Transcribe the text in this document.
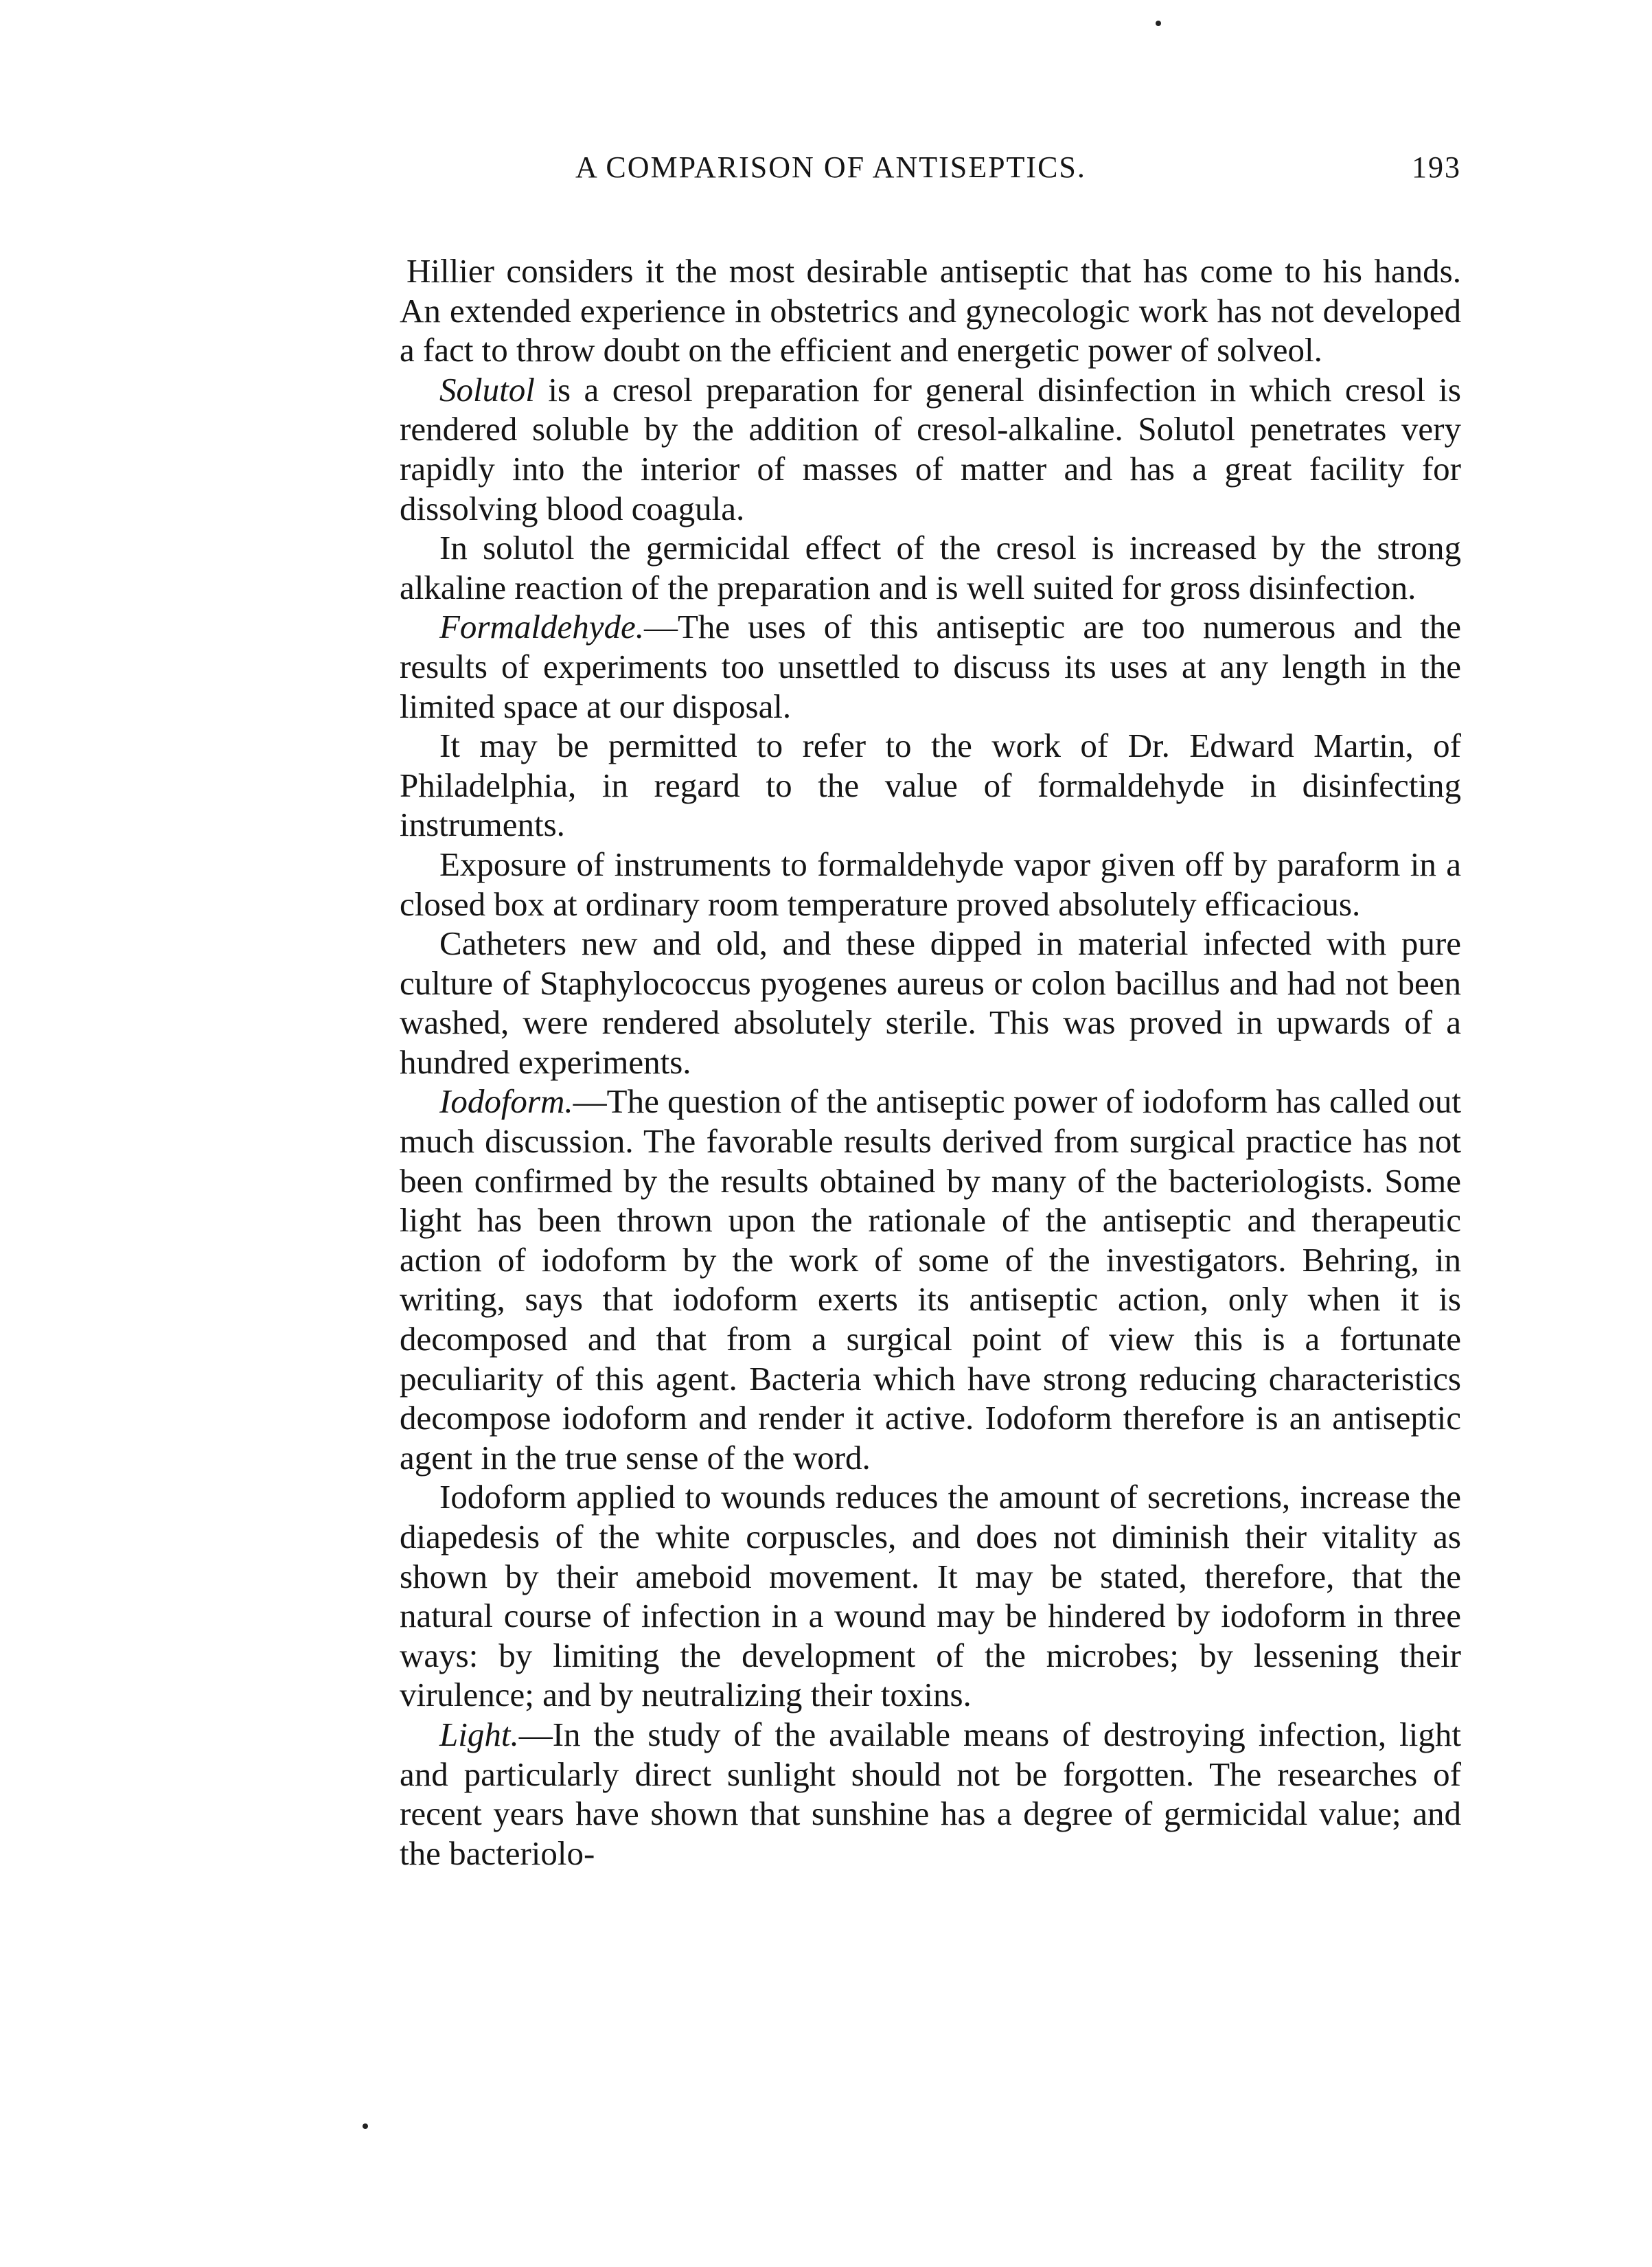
A COMPARISON OF ANTISEPTICS.	193

Hillier considers it the most desirable antiseptic that has come to his hands. An extended experience in obstetrics and gynecologic work has not developed a fact to throw doubt on the efficient and energetic power of solveol.

Solutol is a cresol preparation for general disinfection in which cresol is rendered soluble by the addition of cresol-alkaline. Solutol penetrates very rapidly into the interior of masses of matter and has a great facility for dissolving blood coagula.

In solutol the germicidal effect of the cresol is increased by the strong alkaline reaction of the preparation and is well suited for gross disinfection.

Formaldehyde.—The uses of this antiseptic are too numerous and the results of experiments too unsettled to discuss its uses at any length in the limited space at our disposal.

It may be permitted to refer to the work of Dr. Edward Martin, of Philadelphia, in regard to the value of formaldehyde in disinfecting instruments.

Exposure of instruments to formaldehyde vapor given off by paraform in a closed box at ordinary room temperature proved absolutely efficacious.

Catheters new and old, and these dipped in material infected with pure culture of Staphylococcus pyogenes aureus or colon bacillus and had not been washed, were rendered absolutely sterile. This was proved in upwards of a hundred experiments.

Iodoform.—The question of the antiseptic power of iodoform has called out much discussion. The favorable results derived from surgical practice has not been confirmed by the results obtained by many of the bacteriologists. Some light has been thrown upon the rationale of the antiseptic and therapeutic action of iodoform by the work of some of the investigators. Behring, in writing, says that iodoform exerts its antiseptic action, only when it is decomposed and that from a surgical point of view this is a fortunate peculiarity of this agent. Bacteria which have strong reducing characteristics decompose iodoform and render it active. Iodoform therefore is an antiseptic agent in the true sense of the word.

Iodoform applied to wounds reduces the amount of secretions, increase the diapedesis of the white corpuscles, and does not diminish their vitality as shown by their ameboid movement. It may be stated, therefore, that the natural course of infection in a wound may be hindered by iodoform in three ways: by limiting the development of the microbes; by lessening their virulence; and by neutralizing their toxins.

Light.—In the study of the available means of destroying infection, light and particularly direct sunlight should not be forgotten. The researches of recent years have shown that sunshine has a degree of germicidal value; and the bacteriolo-
